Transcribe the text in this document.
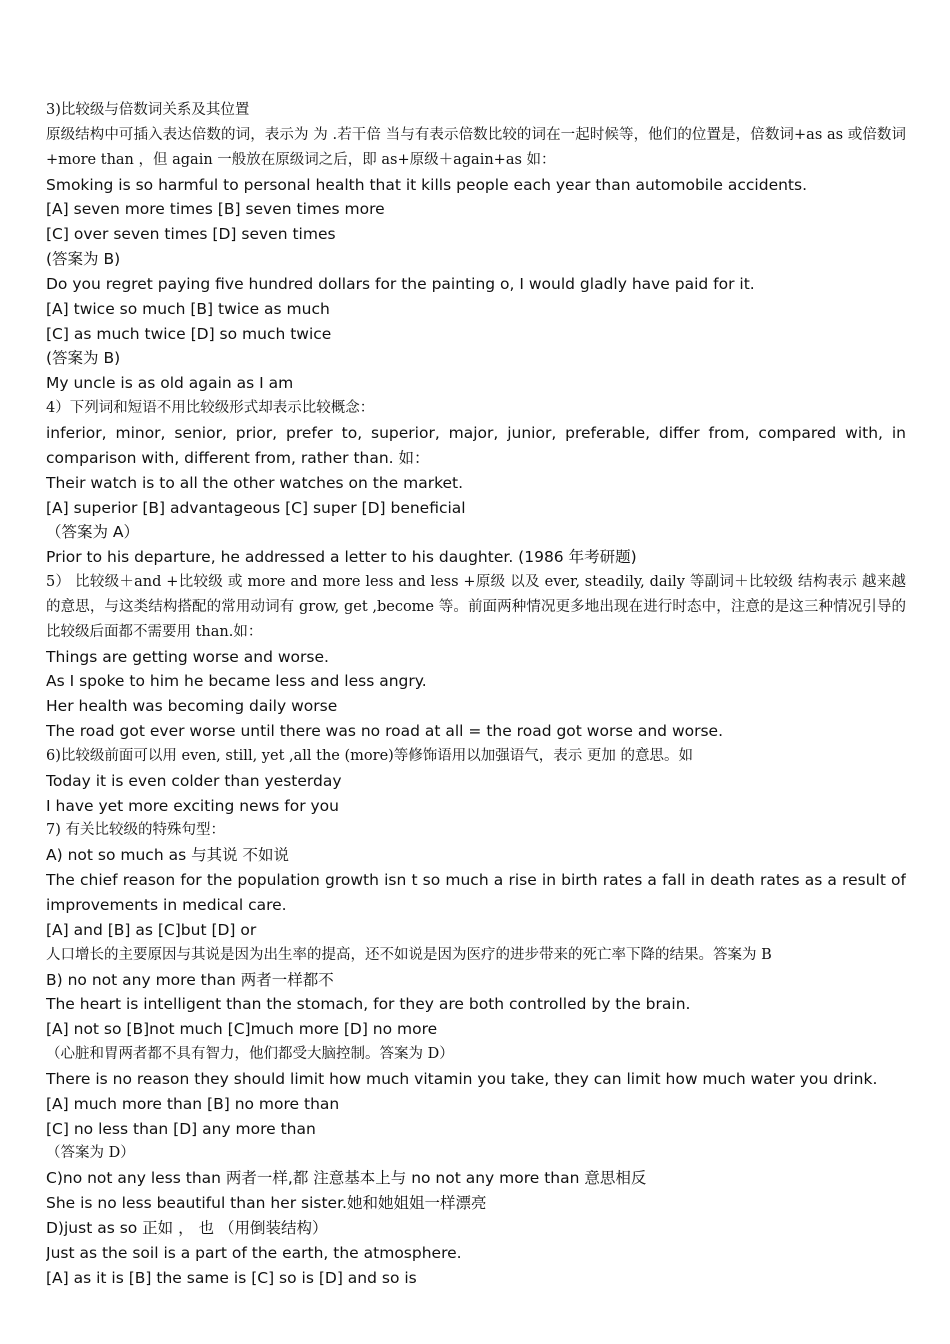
3)比较级与倍数词关系及其位置
原级结构中可插入表达倍数的词，表示为 为 .若干倍 当与有表示倍数比较的词在一起时候等，他们的位置是，倍数词+as as 或倍数词+more than ，但 again 一般放在原级词之后，即 as+原级＋again+as 如：
Smoking is so harmful to personal health that it kills people each year than automobile accidents.
[A] seven more times [B] seven times more
[C] over seven times [D] seven times
(答案为 B)
Do you regret paying five hundred dollars for the painting o, I would gladly have paid for it.
[A] twice so much [B] twice as much
[C] as much twice [D] so much twice
(答案为 B)
My uncle is as old again as I am
4）下列词和短语不用比较级形式却表示比较概念：
inferior, minor, senior, prior, prefer to, superior, major, junior, preferable, differ from, compared with, in comparison with, different from, rather than. 如：
Their watch is to all the other watches on the market.
[A] superior [B] advantageous [C] super [D] beneficial
（答案为 A）
Prior to his departure, he addressed a letter to his daughter. (1986 年考研题)
5） 比较级＋and +比较级 或 more and more less and less +原级 以及 ever, steadily, daily 等副词＋比较级 结构表示 越来越 的意思，与这类结构搭配的常用动词有 grow, get ,become 等。前面两种情况更多地出现在进行时态中，注意的是这三种情况引导的比较级后面都不需要用 than.如：
Things are getting worse and worse.
As I spoke to him he became less and less angry.
Her health was becoming daily worse
The road got ever worse until there was no road at all = the road got worse and worse.
6)比较级前面可以用 even, still, yet ,all the (more)等修饰语用以加强语气，表示 更加 的意思。如
Today it is even colder than yesterday
I have yet more exciting news for you
7) 有关比较级的特殊句型：
A) not so much as 与其说 不如说
The chief reason for the population growth isn t so much a rise in birth rates a fall in death rates as a result of improvements in medical care.
[A] and [B] as [C]but [D] or
人口增长的主要原因与其说是因为出生率的提高，还不如说是因为医疗的进步带来的死亡率下降的结果。答案为 B
B) no not any more than 两者一样都不
The heart is intelligent than the stomach, for they are both controlled by the brain.
[A] not so [B]not much [C]much more [D] no more
（心脏和胃两者都不具有智力，他们都受大脑控制。答案为 D）
There is no reason they should limit how much vitamin you take, they can limit how much water you drink.
[A] much more than [B] no more than
[C] no less than [D] any more than
（答案为 D）
C)no not any less than 两者一样,都 注意基本上与 no not any more than 意思相反
She is no less beautiful than her sister.她和她姐姐一样漂亮
D)just as so 正如 ， 也 （用倒装结构）
Just as the soil is a part of the earth, the atmosphere.
[A] as it is [B] the same is [C] so is [D] and so is
